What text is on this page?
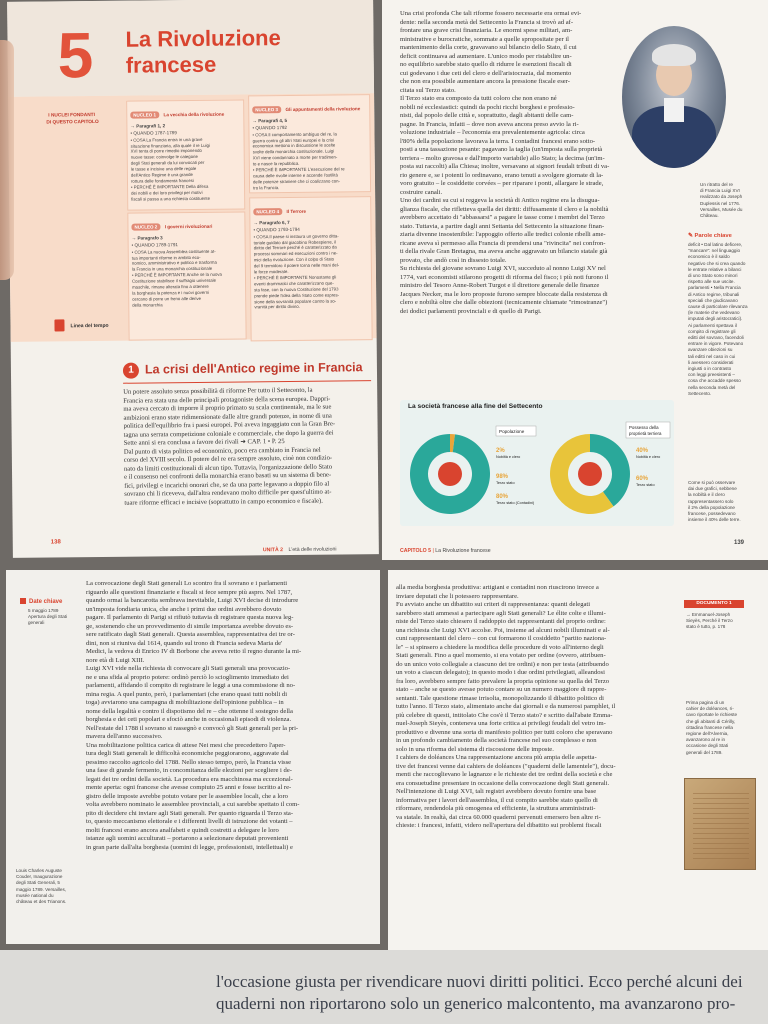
5 La Rivoluzione
francese
I NUCLEI FONDANTI
DI QUESTO CAPITOLO
NUCLEO 1 La vecchia della rivoluzione
→ Paragrafi 1, 2
• QUANDO 1787-1789
• COSA La Francia entra in una grave
situazione finanziaria, alla quale il re Luigi
XVI tenta di porre rimedio imponendo
nuove tasse: coinvolge le categorie
degli Stati generali da lui convocati per
le tasse e incisive una delle regole
dell'Antico Regime è una grande
rottura delle fondamenta francesi
• PERCHÉ È IMPORTANTE Della difesa
dei nobili e dei loro privilegi per motivi
fiscali si passa a una richiesta costituente
NUCLEO 2 I governi rivoluzionari
→ Paragrafo 3
• QUANDO 1789-1791
• COSA La nuova Assemblea costituente at-
tua importanti riforme in ambito eco-
nomico, amministrativo e politico e trasforma
la Francia in una monarchia costituzionale
• PERCHÉ È IMPORTANTE Anche se la nuova
Costituzione stabilisce il suffragio universale
maschile, rimane alterata fino a ottenere
la borghesia la potenza e i nuovi governi
cercano di porre un freno alle derive
della monarchia
NUCLEO 3 Gli appuntamenti della rivoluzione
→ Paragrafi 4, 5
• QUANDO 1792
• COSA Il comportamento ambiguo del re, la
guerra contro gli altri Stati europei e la crisi
economica mettono in discussione le scelte
svolte della monarchia costituzionale. Luigi
XVI viene condannato a morte per tradimen-
to e nasce la repubblica.
• PERCHÉ È IMPORTANTE L'esecuzione del re
causa delle rivolte interne e accende l'ostilità
delle potenze straniere che ci coalizzano con-
tro la Francia.
NUCLEO 4 Il Terrore
→ Paragrafo 6, 7
• QUANDO 1793-1794
• COSA Il paese si instaura un governo ditta-
toriale guidato dal giacobino Robespierre, il
diritto del Terrore perché è caratterizzato da
processi sommari ed esecuzioni contro i ne-
mici della rivoluzione. Con il colpo di Stato
del 9 termidoro il potere torna nelle mani del-
le forze moderate.
• PERCHÉ È IMPORTANTE Nonostante gli
eventi drammatici che caratterizzano que-
sta fase, con la nuova Costituzione del 1793
prende piede l'idea della Stato come espres-
sione della sovranità popolare contro la so-
vranità per diritto divino.
Linea del tempo
1 La crisi dell'Antico regime in Francia
Un potere assoluto senza possibilità di riforme Per tutto il Settecento, la
Francia era stata una delle principali protagoniste della scena europea. Dappri-
ma aveva cercato di imporre il proprio primato su scala continentale, ma le sue
ambizioni erano state ridimensionate dalle altre grandi potenze, in nome di una
politica dell'equilibrio fra i paesi europei. Poi aveva ingaggiato con la Gran Bre-
tagna una serrata competizione coloniale e commerciale, che dopo la guerra dei
Sette anni si era conclusa a favore dei rivali ➜ CAP. 1 • P. 25
Dal punto di vista politico ed economico, poco era cambiato in Francia nel
corso del XVIII secolo. Il potere del re era sempre assoluto, cioè non condizio-
nato da limiti costituzionali di alcun tipo. Tuttavia, l'organizzazione dello Stato
e il consenso nei confronti della monarchia erano basati su un sistema di bene-
fici, privilegi e incarichi onorari che, se da una parte legavano a doppio filo al
sovrano chi li riceveva, dall'altra rendevano molto difficile per quest'ultimo at-
tuare riforme efficaci e incisive (soprattutto in campo economico e fiscale).
138
UNITÀ 2 L'età delle rivoluzioni
Una crisi profonda Che tali riforme fossero necessarie era ormai evi-
dente: nella seconda metà del Settecento la Francia si trovò ad af-
frontare una grave crisi finanziaria. Le enormi spese militari, am-
ministrative e burocratiche, sommate a quelle spropositate per il
mantenimento della corte, gravavano sul bilancio dello Stato, il cui
deficit continuava ad aumentare. L'unico modo per ristabilire un-
no equilibrio sarebbe stato quello di ridurre le esenzioni fiscali di
cui godevano i due ceti del clero e dell'aristocrazia, dal momento
che non era possibile aumentare ancora la pressione fiscale eser-
citata sul Terzo stato.
Il Terzo stato era composto da tutti coloro che non erano né
nobili né ecclesiastici: quindi da pochi ricchi borghesi e professio-
nisti, dal popolo delle città e, soprattutto, dagli abitanti delle cam-
pagne. In Francia, infatti – dove non aveva ancora preso avvio la ri-
voluzione industriale – l'economia era prevalentemente agricola: circa
l'80% della popolazione lavorava la terra. I contadini francesi erano sotto-
posti a una tassazione pesante: pagavano la taglia (un'imposta sulla proprietà
terriera – molto gravosa e dall'importo variabile) allo Stato; la decima (un'im-
posta sui raccolti) alla Chiesa; inoltre, versavano ai signori feudali tributi di va-
rio genere e, se i potenti lo ordinavano, erano tenuti a svolgere giornate di la-
voro gratuito – le cosiddette corvées – per riparare i ponti, allargare le strade,
costruire canali.
Uno dei cardini su cui si reggeva la società di Antico regime era la disugua-
glianza fiscale, che rifletteva quella dei diritti: diffusamente il clero e la nobiltà
avrebbero accettato di "abbassarsi" a pagare le tasse come i membri del Terzo
stato. Tuttavia, a partire dagli anni Settanta del Settecento la situazione finan-
ziaria divenne insostenibile: l'appoggio offerto alle tredici colonie ribelli ame-
ricane aveva sì permesso alla Francia di prendersi una "rivincita" nei confron-
ti della rivale Gran Bretagna, ma aveva anche aggravato un bilancio statale già
provato, che andò così in dissesto totale.
Su richiesta del giovane sovrano Luigi XVI, succeduto al nonno Luigi XV nel
1774, vari economisti stilarono progetti di riforma del fisco; i più noti furono il
ministro del Tesoro Anne-Robert Turgot e il direttore generale delle finanze
Jacques Necker, ma le loro proposte furono sempre bloccate dalla resistenza di
clero e nobiltà oltre che dalle obiezioni (tecnicamente chiamate "rimostranze")
dei dodici parlamenti provinciali e di quello di Parigi.
Un ritratto del re
di Francia Luigi XVI
realizzato da Joseph
Duplessis nel 1776.
Versailles, Musée du
Château.
✎ Parole chiave
deficit • Dal latino deficere,
"mancare": nel linguaggio
economico è il saldo
negativo che si crea quando
le entrate relative a bilanci
di uno Stato sono minori
rispetto alle sue uscite.
parlamenti • Nella Francia
di Antico regime, tribunali
speciali che giudicavano
cause di particolare rilevanza
(le materie che vedevano
imputati degli aristocratici).
Ai parlamenti spettava il
compito di registrare gli
editti del sovrano, facendoli
entrare in vigore. Potevano
avanzare obiezioni su
tali editti nel caso in cui
li avessero considerati
ingiusti o in contrasto
con leggi preesistenti –
cosa che accadde spesso
nella seconda metà del
Settecento.
La società francese alla fine del Settecento
Popolazione
2%
Nobiltà e clero
98%
Terzo stato
80%
Terzo stato (Contadini)
Possesso della
proprietà terriera
40%
Nobiltà e clero
60%
Terzo stato	Come si può osservare
dai due grafici, sebbene
la nobiltà e il clero
rappresentassero solo
il 2% della popolazione
francese, possedevano
insieme il 40% delle terre.
CAPITOLO 5 | La Rivoluzione francese
139
Date chiave
5 maggio 1789
Apertura degli Stati
generali
La convocazione degli Stati generali Lo scontro fra il sovrano e i parlamenti
riguardo alle questioni finanziarie e fiscali si fece sempre più aspro. Nel 1787,
quando ormai la bancarotta sembrava inevitabile, Luigi XVI decise di introdurre
un'imposta fondiaria unica, che anche i primi due ordini avrebbero dovuto
pagare. Il parlamento di Parigi si rifiutò tuttavia di registrare questa nuova leg-
ge, sostenendo che un provvedimento di simile importanza avrebbe dovuto es-
sere ratificato dagli Stati generali. Questa assemblea, rappresentativa dei tre or-
dini, non si riuniva dal 1614, quando sul trono di Francia sedeva Maria de'
Medici, la vedova di Enrico IV di Borbone che aveva retto il regno durante la mi-
nore età di Luigi XIII.
Luigi XVI vide nella richiesta di convocare gli Stati generali una provocazio-
ne e una sfida al proprio potere: ordinò perciò lo scioglimento immediato dei
parlamenti, affidando il compito di registrare le leggi a una commissione di no-
mina regia. A quel punto, però, i parlamentari (che erano quasi tutti nobili di
toga) avviarono una campagna di mobilitazione dell'opinione pubblica – in
nome della legalità e contro il dispotismo del re – che ottenne il sostegno della
borghesia e dei ceti popolari e sfociò anche in occasionali episodi di violenza.
Nell'estate del 1788 il sovrano si rassegnò e convocò gli Stati generali per la pri-
mavera dell'anno successivo.
Una mobilitazione politica carica di attese Nei mesi che precedettero l'aper-
tura degli Stati generali le difficoltà economiche peggiorarono, aggravate dal
pessimo raccolto agricolo del 1788. Nello stesso tempo, però, la Francia visse
una fase di grande fermento, in concomitanza delle elezioni per scegliere i de-
legati dei tre ordini della società. La procedura era macchinosa ma eccezional-
mente aperta: ogni francese che avesse compiuto 25 anni e fosse iscritto al re-
gistro delle imposte avrebbe potuto votare per le assemblee locali, che a loro
volta avrebbero nominato le assemblee provinciali, a cui sarebbe spettato il com-
pito di decidere chi inviare agli Stati generali. Per quanto riguarda il Terzo sta-
to, questo meccanismo elettorale e i differenti livelli di istruzione dei votanti –
molti francesi erano ancora analfabeti e quindi costretti a delegare le loro
istanze agli uomini acculturati – portarono a selezionare deputati provenienti
in gran parte dall'alta borghesia (uomini di legge, professionisti, intellettuali) e
Louis Charles Auguste
Couder, Inaugurazione
degli Stati Generali, 5
maggio 1789. Versailles,
musée national du
château et des Trianons.
alla media borghesia produttiva: artigiani e contadini non riuscirono invece a
inviare deputati che li potessero rappresentare.
Fu avviato anche un dibattito sui criteri di rappresentanza: quanti delegati
sarebbero stati ammessi a partecipare agli Stati generali? Le élite colte e illumi-
niste del Terzo stato chiesero il raddoppio dei rappresentanti del proprio ordine:
una richiesta che Luigi XVI accolse. Poi, insieme ad alcuni nobili illuminati e al-
cuni rappresentanti del clero – con cui formarono il cosiddetto "partito naziona-
le" – si spinsero a chiedere la modifica delle procedure di voto all'interno degli
Stati generali. Fino a quel momento, si era votato per ordine (ovvero, attribuen-
do un unico voto collegiale a ciascuno dei tre ordini) e non per testa (attribuendo
un voto a ciascun delegato); in questo modo i due ordini privilegiati, alleandosi
fra loro, avrebbero sempre fatto prevalere la propria opinione su quella del Terzo
stato – anche se questo avesse potuto contare su un numero maggiore di rappre-
sentanti. Tale questione rimase irrisolta, monopolizzando il dibattito politico di
tutto l'anno. Il Terzo stato, alimentato anche dai giornali e da numerosi pamphlet, il
più celebre di questi, intitolato Che cos'è il Terzo stato? e scritto dall'abate Emma-
nuel-Joseph Sieyès, conteneva una forte critica ai privilegi feudali del vetro im-
produttivo e divenne una sorta di manifesto politico per tutti coloro che speravano
in un profondo cambiamento della società francese nel suo complesso e non
solo in una riforma del sistema di riscossione delle imposte.
I cahiers de doléances Una rappresentazione ancora più ampia delle aspetta-
tive dei francesi venne dai cahiers de doléances ("quaderni delle lamentele"), docu-
menti che raccoglievano le lagnanze e le richieste dei tre ordini della società e che
era consuetudine presentare in occasione della convocazione degli Stati generali.
Nell'intenzione di Luigi XVI, tali registri avrebbero dovuto fornire una base
informativa per i lavori dell'assemblea, il cui compito sarebbe stato quello di
riformare, rendendola più omogenea ed efficiente, la struttura amministrati-
va statale. In realtà, dai circa 60.000 quaderni pervenuti emersero ben altre ri-
chieste: i francesi, infatti, videro nell'apertura del dibattito sui problemi fiscali
DOCUMENTO 1
→ Emmanuel-Joseph
Sieyès, Perché il Terzo
stato è tutto, p. 178
Prima pagina di un
cahier de doléances, ri-
cavo riportate le richieste
che gli abitanti di Cérilly,
cittadina francese nella
regione dell'Alvernia,
avanzarono al re in
occasione degli Stati
generali del 1789.
l'occasione giusta per rivendicare nuovi diritti politici. Ecco perché alcuni dei
quaderni non riportarono solo un generico malcontento, ma avanzarono pro-
